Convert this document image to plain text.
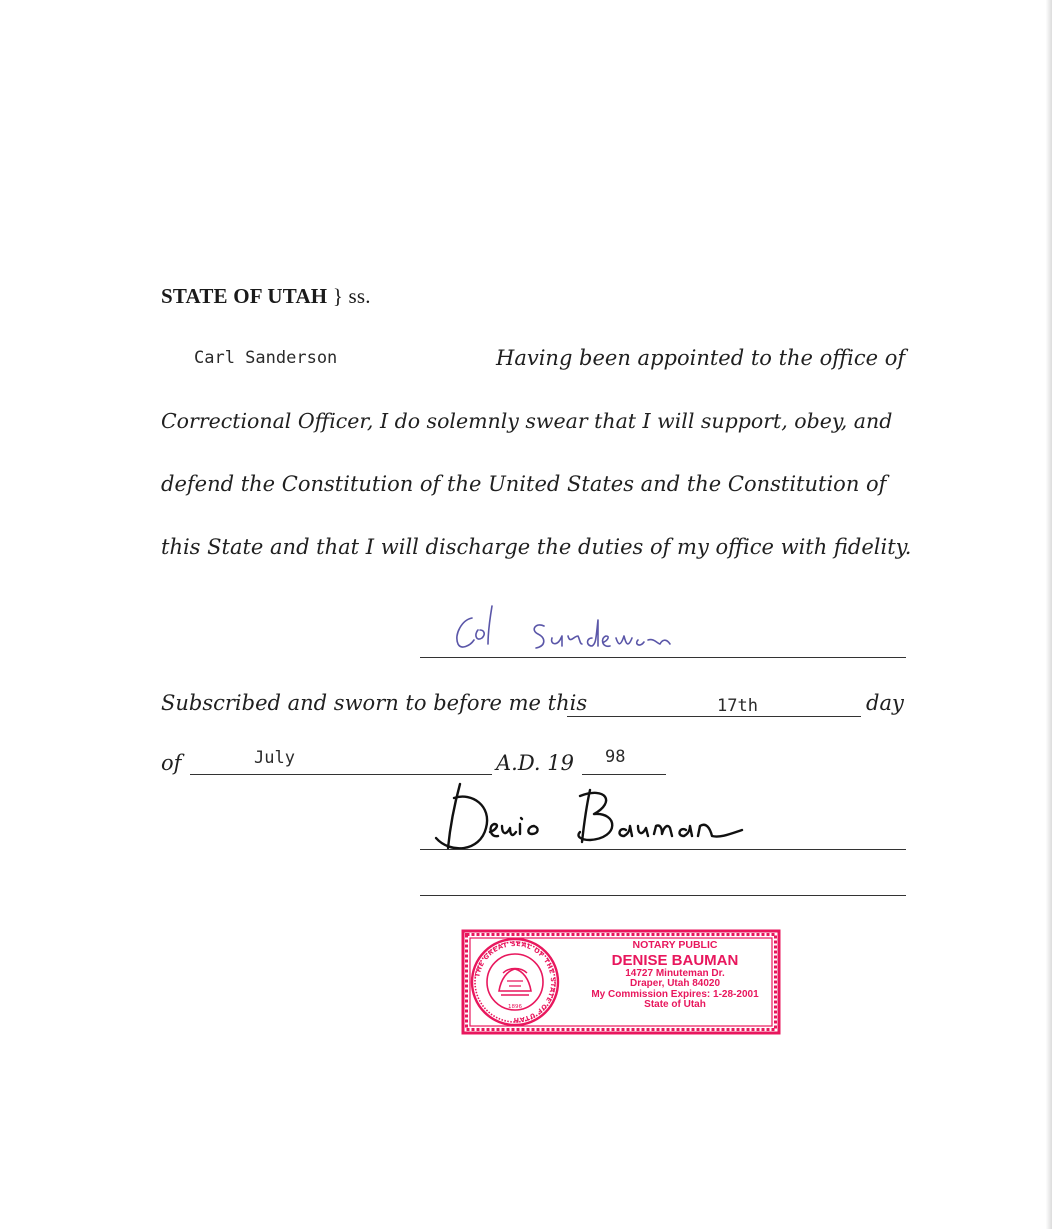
STATE OF UTAH } ss.
Carl Sanderson	Having been appointed to the office of
Correctional Officer, I do solemnly swear that I will support, obey, and
defend the Constitution of the United States and the Constitution of
this State and that I will discharge the duties of my office with fidelity.
Subscribed and sworn to before me this	17th	day
of	July	A.D. 19 98
THE GREAT SEAL OF THE STATE OF UTAH
1896
NOTARY PUBLIC
DENISE BAUMAN
14727 Minuteman Dr.
Draper, Utah 84020
My Commission Expires: 1-28-2001
State of Utah
